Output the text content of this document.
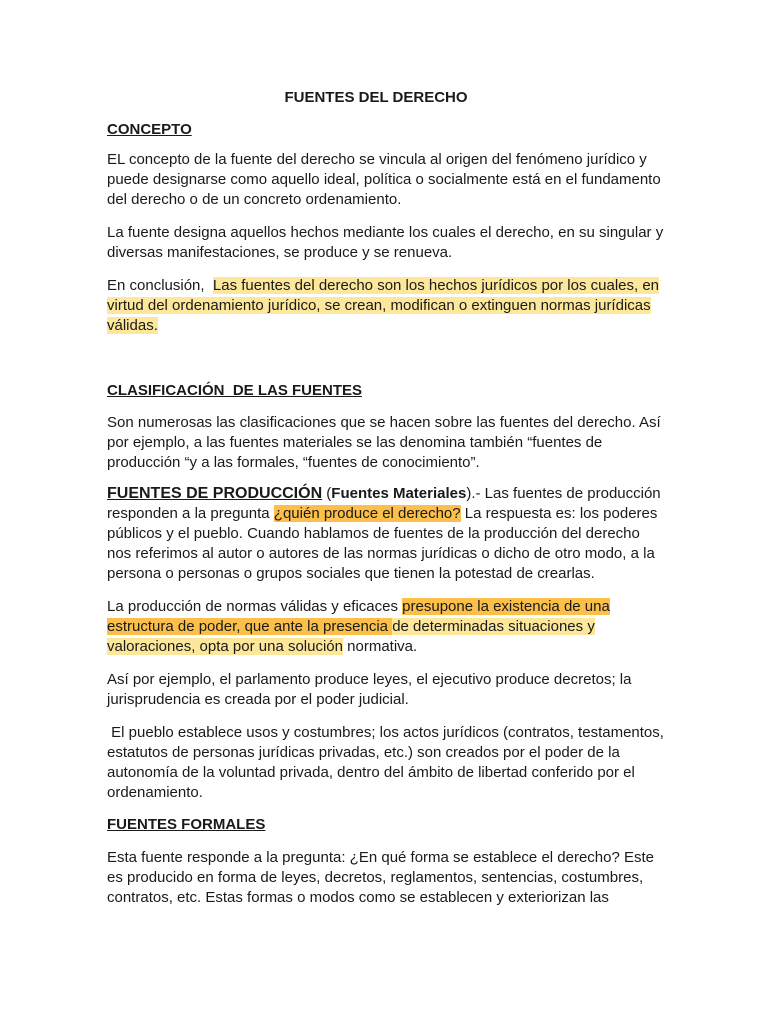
FUENTES DEL DERECHO
CONCEPTO

EL concepto de la fuente del derecho se vincula al origen del fenómeno jurídico y puede designarse como aquello ideal, política o socialmente está en el fundamento del derecho o de un concreto ordenamiento.

La fuente designa aquellos hechos mediante los cuales el derecho, en su singular y diversas manifestaciones, se produce y se renueva.

En conclusión,  Las fuentes del derecho son los hechos jurídicos por los cuales, en virtud del ordenamiento jurídico, se crean, modifican o extinguen normas jurídicas válidas.

CLASIFICACIÓN  DE LAS FUENTES

Son numerosas las clasificaciones que se hacen sobre las fuentes del derecho. Así por ejemplo, a las fuentes materiales se las denomina también “fuentes de producción “y a las formales, “fuentes de conocimiento”.

FUENTES DE PRODUCCIÓN (Fuentes Materiales).- Las fuentes de producción responden a la pregunta ¿quién produce el derecho? La respuesta es: los poderes públicos y el pueblo. Cuando hablamos de fuentes de la producción del derecho nos referimos al autor o autores de las normas jurídicas o dicho de otro modo, a la persona o personas o grupos sociales que tienen la potestad de crearlas.

La producción de normas válidas y eficaces presupone la existencia de una estructura de poder, que ante la presencia de determinadas situaciones y valoraciones, opta por una solución normativa.

Así por ejemplo, el parlamento produce leyes, el ejecutivo produce decretos; la jurisprudencia es creada por el poder judicial.

El pueblo establece usos y costumbres; los actos jurídicos (contratos, testamentos, estatutos de personas jurídicas privadas, etc.) son creados por el poder de la autonomía de la voluntad privada, dentro del ámbito de libertad conferido por el ordenamiento.

FUENTES FORMALES

Esta fuente responde a la pregunta: ¿En qué forma se establece el derecho? Este es producido en forma de leyes, decretos, reglamentos, sentencias, costumbres, contratos, etc. Estas formas o modos como se establecen y exteriorizan las
